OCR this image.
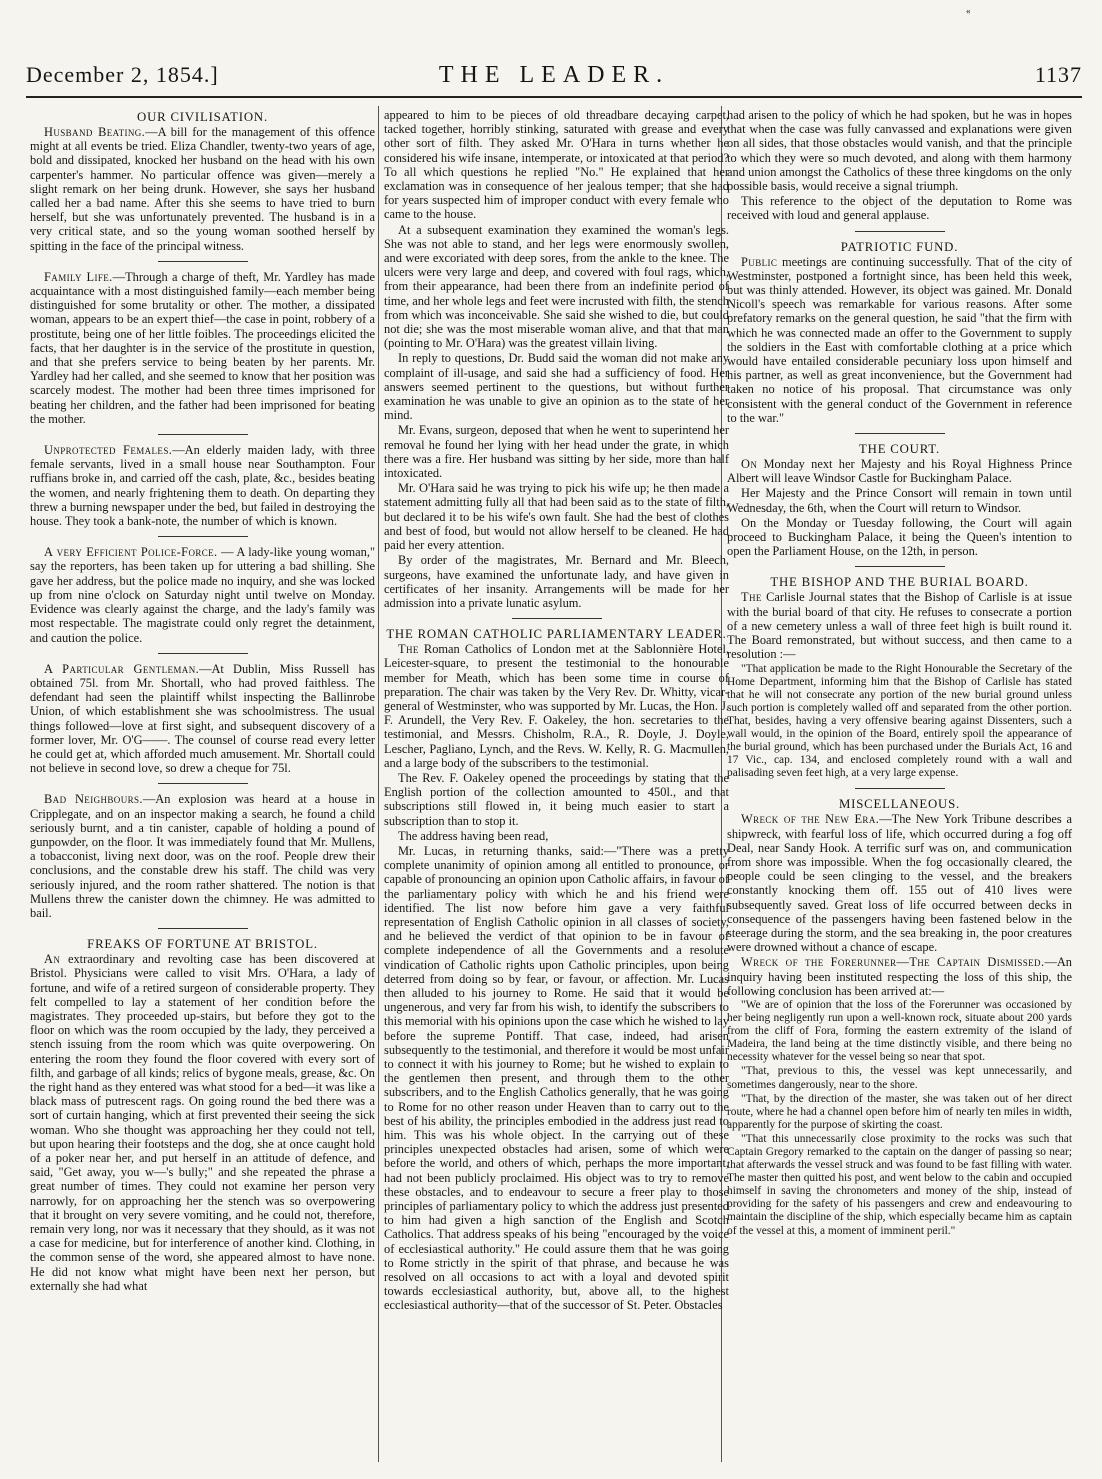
«
December 2, 1854.]	THE LEADER.	1137
OUR CIVILISATION.

Husband Beating.—A bill for the management of this offence might at all events be tried. Eliza Chandler, twenty-two years of age, bold and dissipated, knocked her husband on the head with his own carpenter's hammer. No particular offence was given—merely a slight remark on her being drunk. However, she says her husband called her a bad name. After this she seems to have tried to burn herself, but she was unfortunately prevented. The husband is in a very critical state, and so the young woman soothed herself by spitting in the face of the principal witness.

Family Life.—Through a charge of theft, Mr. Yardley has made acquaintance with a most distinguished family—each member being distinguished for some brutality or other. The mother, a dissipated woman, appears to be an expert thief—the case in point, robbery of a prostitute, being one of her little foibles. The proceedings elicited the facts, that her daughter is in the service of the prostitute in question, and that she prefers service to being beaten by her parents. Mr. Yardley had her called, and she seemed to know that her position was scarcely modest. The mother had been three times imprisoned for beating her children, and the father had been imprisoned for beating the mother.

Unprotected Females.—An elderly maiden lady, with three female servants, lived in a small house near Southampton. Four ruffians broke in, and carried off the cash, plate, &c., besides beating the women, and nearly frightening them to death. On departing they threw a burning newspaper under the bed, but failed in destroying the house. They took a bank-note, the number of which is known.

A very Efficient Police-Force. — A lady-like young woman," say the reporters, has been taken up for uttering a bad shilling. She gave her address, but the police made no inquiry, and she was locked up from nine o'clock on Saturday night until twelve on Monday. Evidence was clearly against the charge, and the lady's family was most respectable. The magistrate could only regret the detainment, and caution the police.

A Particular Gentleman.—At Dublin, Miss Russell has obtained 75l. from Mr. Shortall, who had proved faithless. The defendant had seen the plaintiff whilst inspecting the Ballinrobe Union, of which establishment she was schoolmistress. The usual things followed—love at first sight, and subsequent discovery of a former lover, Mr. O'G——. The counsel of course read every letter he could get at, which afforded much amusement. Mr. Shortall could not believe in second love, so drew a cheque for 75l.

Bad Neighbours.—An explosion was heard at a house in Cripplegate, and on an inspector making a search, he found a child seriously burnt, and a tin canister, capable of holding a pound of gunpowder, on the floor. It was immediately found that Mr. Mullens, a tobacconist, living next door, was on the roof. People drew their conclusions, and the constable drew his staff. The child was very seriously injured, and the room rather shattered. The notion is that Mullens threw the canister down the chimney. He was admitted to bail.

FREAKS OF FORTUNE AT BRISTOL.

An extraordinary and revolting case has been discovered at Bristol. Physicians were called to visit Mrs. O'Hara, a lady of fortune, and wife of a retired surgeon of considerable property. They felt compelled to lay a statement of her condition before the magistrates. They proceeded up-stairs, but before they got to the floor on which was the room occupied by the lady, they perceived a stench issuing from the room which was quite overpowering. On entering the room they found the floor covered with every sort of filth, and garbage of all kinds; relics of bygone meals, grease, &c. On the right hand as they entered was what stood for a bed—it was like a black mass of putrescent rags. On going round the bed there was a sort of curtain hanging, which at first prevented their seeing the sick woman. Who she thought was approaching her they could not tell, but upon hearing their footsteps and the dog, she at once caught hold of a poker near her, and put herself in an attitude of defence, and said, "Get away, you w—'s bully;" and she repeated the phrase a great number of times. They could not examine her person very narrowly, for on approaching her the stench was so overpowering that it brought on very severe vomiting, and he could not, therefore, remain very long, nor was it necessary that they should, as it was not a case for medicine, but for interference of another kind. Clothing, in the common sense of the word, she appeared almost to have none. He did not know what might have been next her person, but externally she had what

appeared to him to be pieces of old threadbare decaying carpet, tacked together, horribly stinking, saturated with grease and every other sort of filth. They asked Mr. O'Hara in turns whether he considered his wife insane, intemperate, or intoxicated at that period? To all which questions he replied "No." He explained that her exclamation was in consequence of her jealous temper; that she had for years suspected him of improper conduct with every female who came to the house.

At a subsequent examination they examined the woman's legs. She was not able to stand, and her legs were enormously swollen, and were excoriated with deep sores, from the ankle to the knee. The ulcers were very large and deep, and covered with foul rags, which, from their appearance, had been there from an indefinite period of time, and her whole legs and feet were incrusted with filth, the stench from which was inconceivable. She said she wished to die, but could not die; she was the most miserable woman alive, and that that man (pointing to Mr. O'Hara) was the greatest villain living.

In reply to questions, Dr. Budd said the woman did not make any complaint of ill-usage, and said she had a sufficiency of food. Her answers seemed pertinent to the questions, but without further examination he was unable to give an opinion as to the state of her mind.

Mr. Evans, surgeon, deposed that when he went to superintend her removal he found her lying with her head under the grate, in which there was a fire. Her husband was sitting by her side, more than half intoxicated.

Mr. O'Hara said he was trying to pick his wife up; he then made a statement admitting fully all that had been said as to the state of filth, but declared it to be his wife's own fault. She had the best of clothes and best of food, but would not allow herself to be cleaned. He had paid her every attention.

By order of the magistrates, Mr. Bernard and Mr. Bleech, surgeons, have examined the unfortunate lady, and have given in certificates of her insanity. Arrangements will be made for her admission into a private lunatic asylum.

THE ROMAN CATHOLIC PARLIAMENTARY LEADER.

The Roman Catholics of London met at the Sablonnière Hotel, Leicester-square, to present the testimonial to the honourable member for Meath, which has been some time in course of preparation. The chair was taken by the Very Rev. Dr. Whitty, vicar-general of Westminster, who was supported by Mr. Lucas, the Hon. J. F. Arundell, the Very Rev. F. Oakeley, the hon. secretaries to the testimonial, and Messrs. Chisholm, R.A., R. Doyle, J. Doyle, Lescher, Pagliano, Lynch, and the Revs. W. Kelly, R. G. Macmullen, and a large body of the subscribers to the testimonial.

The Rev. F. Oakeley opened the proceedings by stating that the English portion of the collection amounted to 450l., and that subscriptions still flowed in, it being much easier to start a subscription than to stop it.

The address having been read,

Mr. Lucas, in returning thanks, said:—"There was a pretty complete unanimity of opinion among all entitled to pronounce, or capable of pronouncing an opinion upon Catholic affairs, in favour of the parliamentary policy with which he and his friend were identified. The list now before him gave a very faithful representation of English Catholic opinion in all classes of society, and he believed the verdict of that opinion to be in favour of complete independence of all the Governments and a resolute vindication of Catholic rights upon Catholic principles, upon being deterred from doing so by fear, or favour, or affection. Mr. Lucas then alluded to his journey to Rome. He said that it would be ungenerous, and very far from his wish, to identify the subscribers to this memorial with his opinions upon the case which he wished to lay before the supreme Pontiff. That case, indeed, had arisen subsequently to the testimonial, and therefore it would be most unfair to connect it with his journey to Rome; but he wished to explain to the gentlemen then present, and through them to the other subscribers, and to the English Catholics generally, that he was going to Rome for no other reason under Heaven than to carry out to the best of his ability, the principles embodied in the address just read to him. This was his whole object. In the carrying out of these principles unexpected obstacles had arisen, some of which were before the world, and others of which, perhaps the more important, had not been publicly proclaimed. His object was to try to remove these obstacles, and to endeavour to secure a freer play to those principles of parliamentary policy to which the address just presented to him had given a high sanction of the English and Scotch Catholics. That address speaks of his being "encouraged by the voice of ecclesiastical authority." He could assure them that he was going to Rome strictly in the spirit of that phrase, and because he was resolved on all occasions to act with a loyal and devoted spirit towards ecclesiastical authority, but, above all, to the highest ecclesiastical authority—that of the successor of St. Peter. Obstacles

had arisen to the policy of which he had spoken, but he was in hopes that when the case was fully canvassed and explanations were given on all sides, that those obstacles would vanish, and that the principle to which they were so much devoted, and along with them harmony and union amongst the Catholics of these three kingdoms on the only possible basis, would receive a signal triumph.

This reference to the object of the deputation to Rome was received with loud and general applause.

PATRIOTIC FUND.

Public meetings are continuing successfully. That of the city of Westminster, postponed a fortnight since, has been held this week, but was thinly attended. However, its object was gained. Mr. Donald Nicoll's speech was remarkable for various reasons. After some prefatory remarks on the general question, he said "that the firm with which he was connected made an offer to the Government to supply the soldiers in the East with comfortable clothing at a price which would have entailed considerable pecuniary loss upon himself and his partner, as well as great inconvenience, but the Government had taken no notice of his proposal. That circumstance was only consistent with the general conduct of the Government in reference to the war."

THE COURT.

On Monday next her Majesty and his Royal Highness Prince Albert will leave Windsor Castle for Buckingham Palace.

Her Majesty and the Prince Consort will remain in town until Wednesday, the 6th, when the Court will return to Windsor.

On the Monday or Tuesday following, the Court will again proceed to Buckingham Palace, it being the Queen's intention to open the Parliament House, on the 12th, in person.

THE BISHOP AND THE BURIAL BOARD.

The Carlisle Journal states that the Bishop of Carlisle is at issue with the burial board of that city. He refuses to consecrate a portion of a new cemetery unless a wall of three feet high is built round it. The Board remonstrated, but without success, and then came to a resolution :—

"That application be made to the Right Honourable the Secretary of the Home Department, informing him that the Bishop of Carlisle has stated that he will not consecrate any portion of the new burial ground unless such portion is completely walled off and separated from the other portion. That, besides, having a very offensive bearing against Dissenters, such a wall would, in the opinion of the Board, entirely spoil the appearance of the burial ground, which has been purchased under the Burials Act, 16 and 17 Vic., cap. 134, and enclosed completely round with a wall and palisading seven feet high, at a very large expense.

MISCELLANEOUS.

Wreck of the New Era.—The New York Tribune describes a shipwreck, with fearful loss of life, which occurred during a fog off Deal, near Sandy Hook. A terrific surf was on, and communication from shore was impossible. When the fog occasionally cleared, the people could be seen clinging to the vessel, and the breakers constantly knocking them off. 155 out of 410 lives were subsequently saved. Great loss of life occurred between decks in consequence of the passengers having been fastened below in the steerage during the storm, and the sea breaking in, the poor creatures were drowned without a chance of escape.

Wreck of the Forerunner—The Captain Dismissed.—An inquiry having been instituted respecting the loss of this ship, the following conclusion has been arrived at:—

"We are of opinion that the loss of the Forerunner was occasioned by her being negligently run upon a well-known rock, situate about 200 yards from the cliff of Fora, forming the eastern extremity of the island of Madeira, the land being at the time distinctly visible, and there being no necessity whatever for the vessel being so near that spot.

"That, previous to this, the vessel was kept unnecessarily, and sometimes dangerously, near to the shore.

"That, by the direction of the master, she was taken out of her direct route, where he had a channel open before him of nearly ten miles in width, apparently for the purpose of skirting the coast.

"That this unnecessarily close proximity to the rocks was such that Captain Gregory remarked to the captain on the danger of passing so near; that afterwards the vessel struck and was found to be fast filling with water. The master then quitted his post, and went below to the cabin and occupied himself in saving the chronometers and money of the ship, instead of providing for the safety of his passengers and crew and endeavouring to maintain the discipline of the ship, which especially became him as captain of the vessel at this, a moment of imminent peril."
